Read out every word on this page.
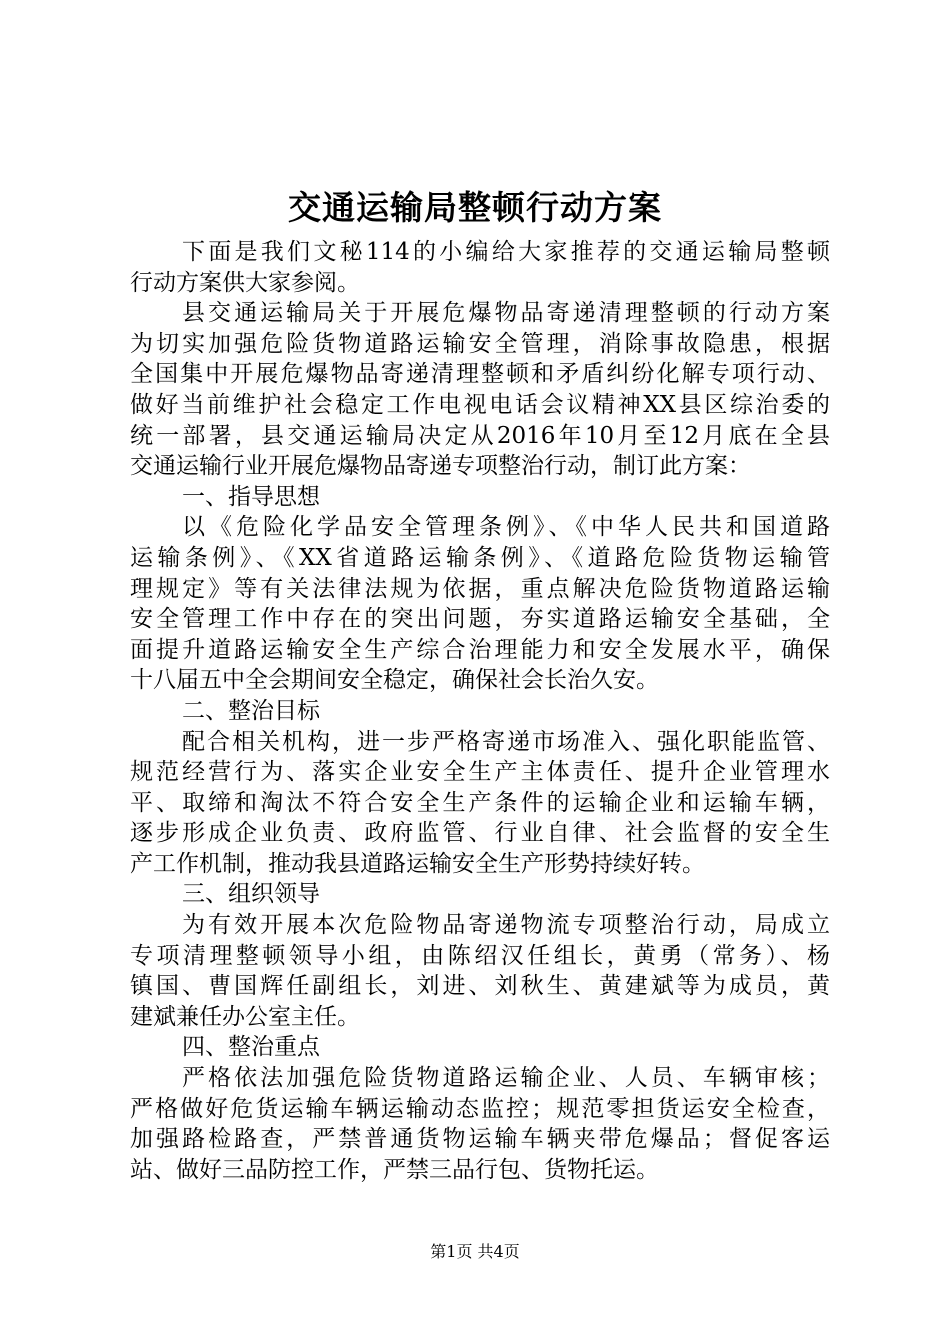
交通运输局整顿行动方案
下面是我们文秘114的小编给大家推荐的交通运输局整顿
行动方案供大家参阅。
县交通运输局关于开展危爆物品寄递清理整顿的行动方案
为切实加强危险货物道路运输安全管理，消除事故隐患，根据
全国集中开展危爆物品寄递清理整顿和矛盾纠纷化解专项行动、
做好当前维护社会稳定工作电视电话会议精神XX县区综治委的
统一部署，县交通运输局决定从2016年10月至12月底在全县
交通运输行业开展危爆物品寄递专项整治行动，制订此方案：
一、指导思想
以《危险化学品安全管理条例》、《中华人民共和国道路
运输条例》、《XX省道路运输条例》、《道路危险货物运输管
理规定》等有关法律法规为依据，重点解决危险货物道路运输
安全管理工作中存在的突出问题，夯实道路运输安全基础，全
面提升道路运输安全生产综合治理能力和安全发展水平，确保
十八届五中全会期间安全稳定，确保社会长治久安。
二、整治目标
配合相关机构，进一步严格寄递市场准入、强化职能监管、
规范经营行为、落实企业安全生产主体责任、提升企业管理水
平、取缔和淘汰不符合安全生产条件的运输企业和运输车辆，
逐步形成企业负责、政府监管、行业自律、社会监督的安全生
产工作机制，推动我县道路运输安全生产形势持续好转。
三、组织领导
为有效开展本次危险物品寄递物流专项整治行动，局成立
专项清理整顿领导小组，由陈绍汉任组长，黄勇（常务）、杨
镇国、曹国辉任副组长，刘进、刘秋生、黄建斌等为成员，黄
建斌兼任办公室主任。
四、整治重点
严格依法加强危险货物道路运输企业、人员、车辆审核；
严格做好危货运输车辆运输动态监控；规范零担货运安全检查，
加强路检路查，严禁普通货物运输车辆夹带危爆品；督促客运
站、做好三品防控工作，严禁三品行包、货物托运。
第1页 共4页
